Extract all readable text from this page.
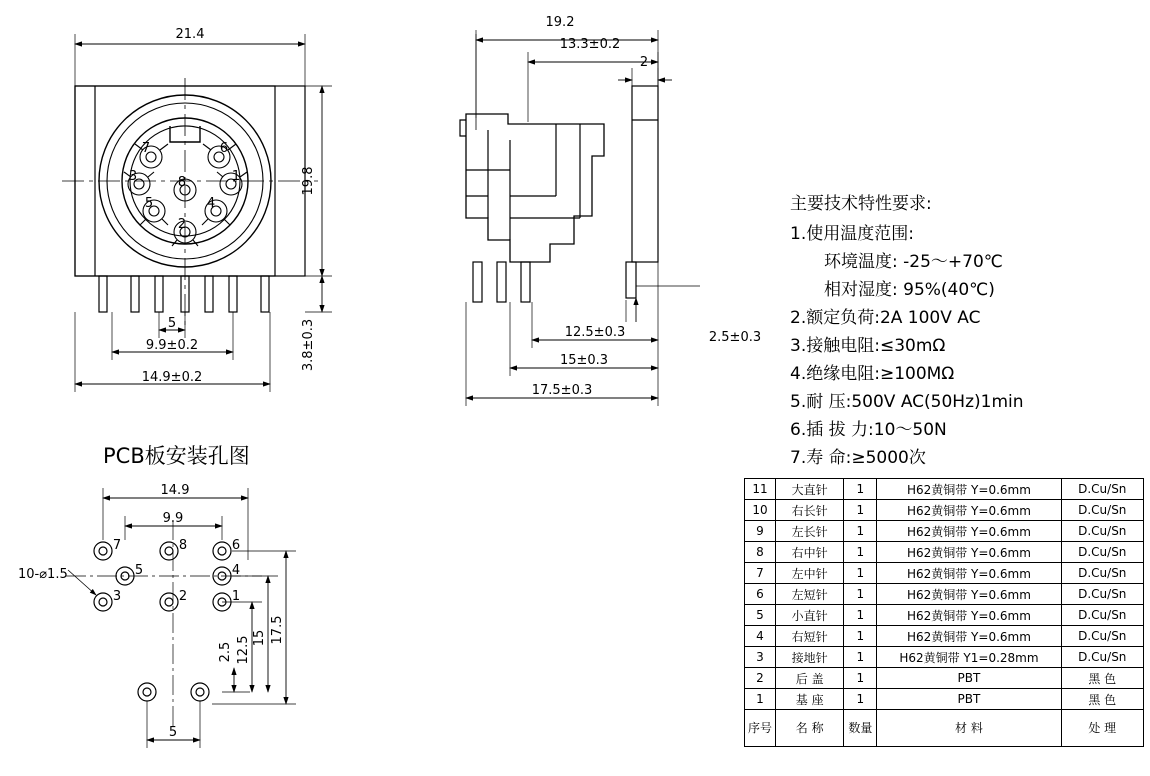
21.4
5
9.9±0.2
14.9±0.2
19.8
3.8±0.3
7	6
3	8	1
5
2
4
19.2
13.3±0.2
2
2.5±0.3
12.5±0.3
15±0.3
17.5±0.3
14.9
9.9
5
2.5 12.5 15 17.5
10-⌀1.5
7	8	6
5	4
3	2	1
PCB板安装孔图
主要技术特性要求:
1.使用温度范围:
环境温度: -25～+70℃
相对湿度: 95%(40℃)
2.额定负荷:2A 100V AC
3.接触电阻:≤30mΩ
4.绝缘电阻:≥100MΩ
5.耐 压:500V AC(50Hz)1min
6.插 拔 力:10～50N
7.寿 命:≥5000次
11	大直针	1	H62黄铜带 Y=0.6mm	D.Cu/Sn
10	右长针	1	H62黄铜带 Y=0.6mm	D.Cu/Sn
9	左长针	1	H62黄铜带 Y=0.6mm	D.Cu/Sn
8	右中针	1	H62黄铜带 Y=0.6mm	D.Cu/Sn
7	左中针	1	H62黄铜带 Y=0.6mm	D.Cu/Sn
6	左短针	1	H62黄铜带 Y=0.6mm	D.Cu/Sn
5	小直针	1	H62黄铜带 Y=0.6mm	D.Cu/Sn
4	右短针	1	H62黄铜带 Y=0.6mm	D.Cu/Sn
3	接地针	1	H62黄铜带 Y1=0.28mm	D.Cu/Sn
2	后 盖	1	PBT	黑 色
1	基 座	1	PBT	黑 色
序号	名 称	数量	材 料	处 理
